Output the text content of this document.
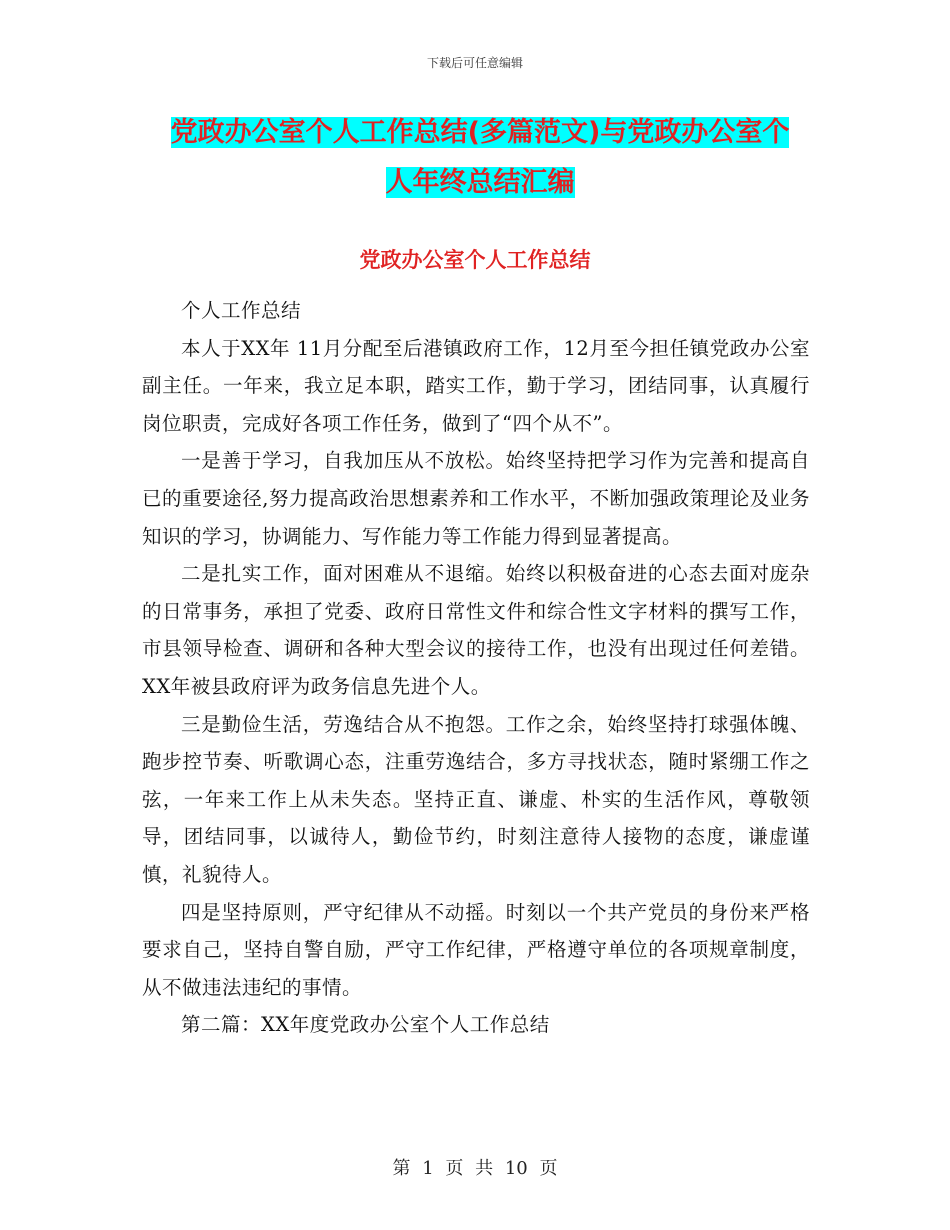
下载后可任意编辑
党政办公室个人工作总结(多篇范文)与党政办公室个
人年终总结汇编
党政办公室个人工作总结

个人工作总结

本人于XX年 11月分配至后港镇政府工作，12月至今担任镇党政办公室副主任。一年来，我立足本职，踏实工作，勤于学习，团结同事，认真履行岗位职责，完成好各项工作任务，做到了“四个从不”。

一是善于学习，自我加压从不放松。始终坚持把学习作为完善和提高自已的重要途径,努力提高政治思想素养和工作水平，不断加强政策理论及业务知识的学习，协调能力、写作能力等工作能力得到显著提高。

二是扎实工作，面对困难从不退缩。始终以积极奋进的心态去面对庞杂的日常事务，承担了党委、政府日常性文件和综合性文字材料的撰写工作，市县领导检查、调研和各种大型会议的接待工作，也没有出现过任何差错。XX年被县政府评为政务信息先进个人。

三是勤俭生活，劳逸结合从不抱怨。工作之余，始终坚持打球强体魄、跑步控节奏、听歌调心态，注重劳逸结合，多方寻找状态，随时紧绷工作之弦，一年来工作上从未失态。坚持正直、谦虚、朴实的生活作风，尊敬领导，团结同事，以诚待人，勤俭节约，时刻注意待人接物的态度，谦虚谨慎，礼貌待人。

四是坚持原则，严守纪律从不动摇。时刻以一个共产党员的身份来严格要求自己，坚持自警自励，严守工作纪律，严格遵守单位的各项规章制度，从不做违法违纪的事情。

第二篇：XX年度党政办公室个人工作总结

第 1 页 共 10 页
